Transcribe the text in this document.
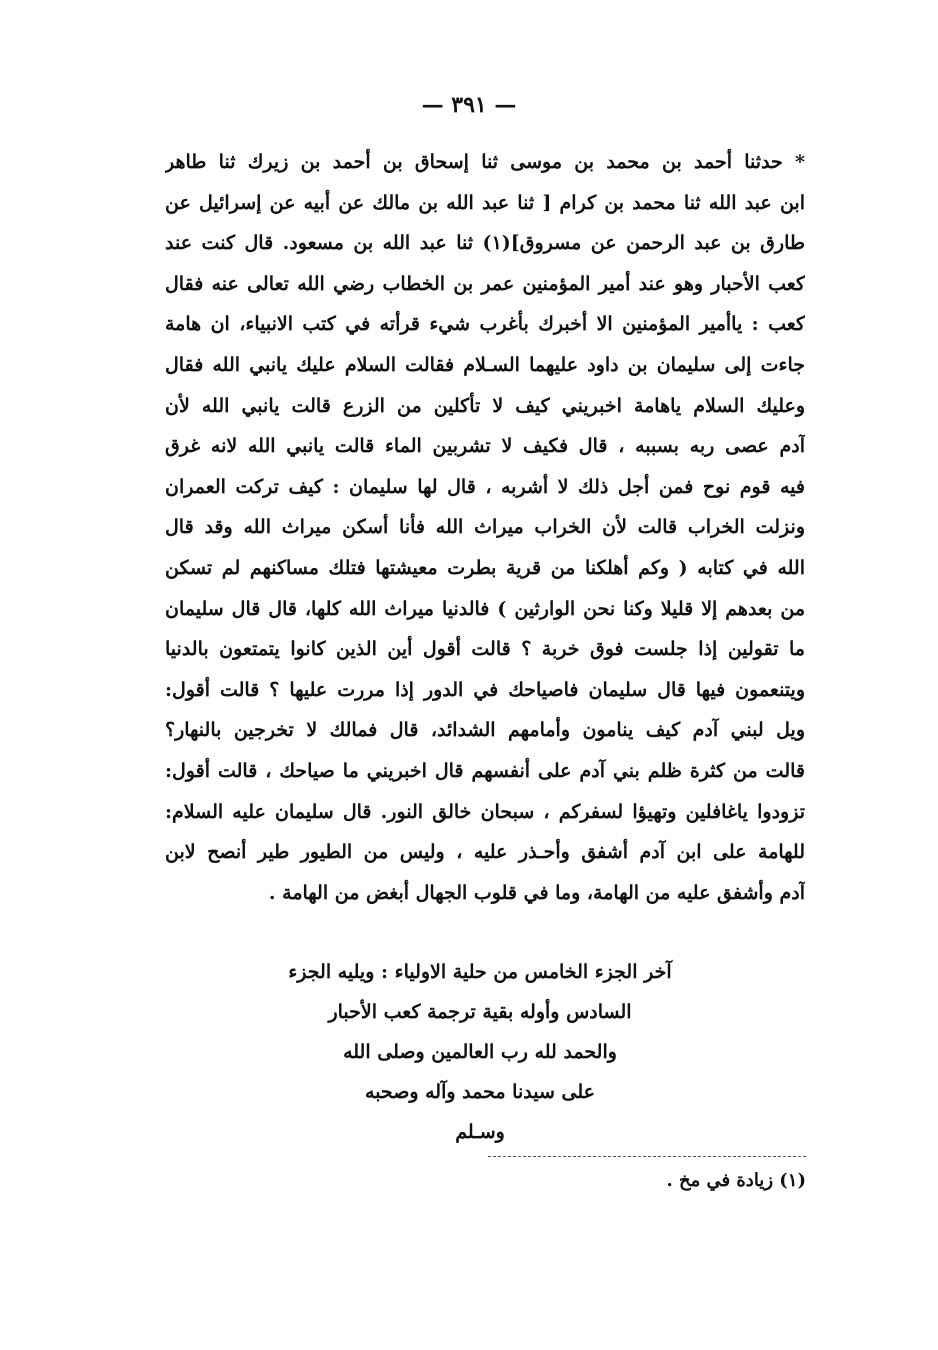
— ٣٩١ —
* حدثنا أحمد بن محمد بن موسى ثنا إسحاق بن أحمد بن زيرك ثنا طاهر
ابن عبد الله ثنا محمد بن كرام [ ثنا عبد الله بن مالك عن أبيه عن إسرائيل عن
طارق بن عبد الرحمن عن مسروق](١) ثنا عبد الله بن مسعود. قال كنت عند
كعب الأحبار وهو عند أمير المؤمنين عمر بن الخطاب رضي الله تعالى عنه فقال
كعب : ياأمير المؤمنين الا أخبرك بأغرب شيء قرأته في كتب الانبياء، ان هامة
جاءت إلى سليمان بن داود عليهما السـلام فقالت السلام عليك يانبي الله فقال
وعليك السلام ياهامة اخبريني كيف لا تأكلين من الزرع قالت يانبي الله لأن
آدم عصى ربه بسببه ، قال فكيف لا تشربين الماء قالت يانبي الله لانه غرق
فيه قوم نوح فمن أجل ذلك لا أشربه ، قال لها سليمان : كيف تركت العمران
ونزلت الخراب قالت لأن الخراب ميراث الله فأنا أسكن ميراث الله وقد قال
الله في كتابه ( وكم أهلكنا من قرية بطرت معيشتها فتلك مساكنهم لم تسكن
من بعدهم إلا قليلا وكنا نحن الوارثين ) فالدنيا ميراث الله كلها، قال قال سليمان
ما تقولين إذا جلست فوق خربة ؟ قالت أقول أين الذين كانوا يتمتعون بالدنيا
ويتنعمون فيها قال سليمان فاصياحك في الدور إذا مررت عليها ؟ قالت أقول:
ويل لبني آدم كيف ينامون وأمامهم الشدائد، قال فمالك لا تخرجين بالنهار؟
قالت من كثرة ظلم بني آدم على أنفسهم قال اخبريني ما صياحك ، قالت أقول:
تزودوا ياغافلين وتهيؤا لسفركم ، سبحان خالق النور. قال سليمان عليه السلام:
للهامة على ابن آدم أشفق وأحـذر عليه ، وليس من الطيور طير أنصح لابن
آدم وأشفق عليه من الهامة، وما في قلوب الجهال أبغض من الهامة .
آخر الجزء الخامس من حلية الاولياء : ويليه الجزء
السادس وأوله بقية ترجمة كعب الأحبار
والحمد لله رب العالمين وصلى الله
على سيدنا محمد وآله وصحبه
وسـلم
(١) زيادة في مخ .
